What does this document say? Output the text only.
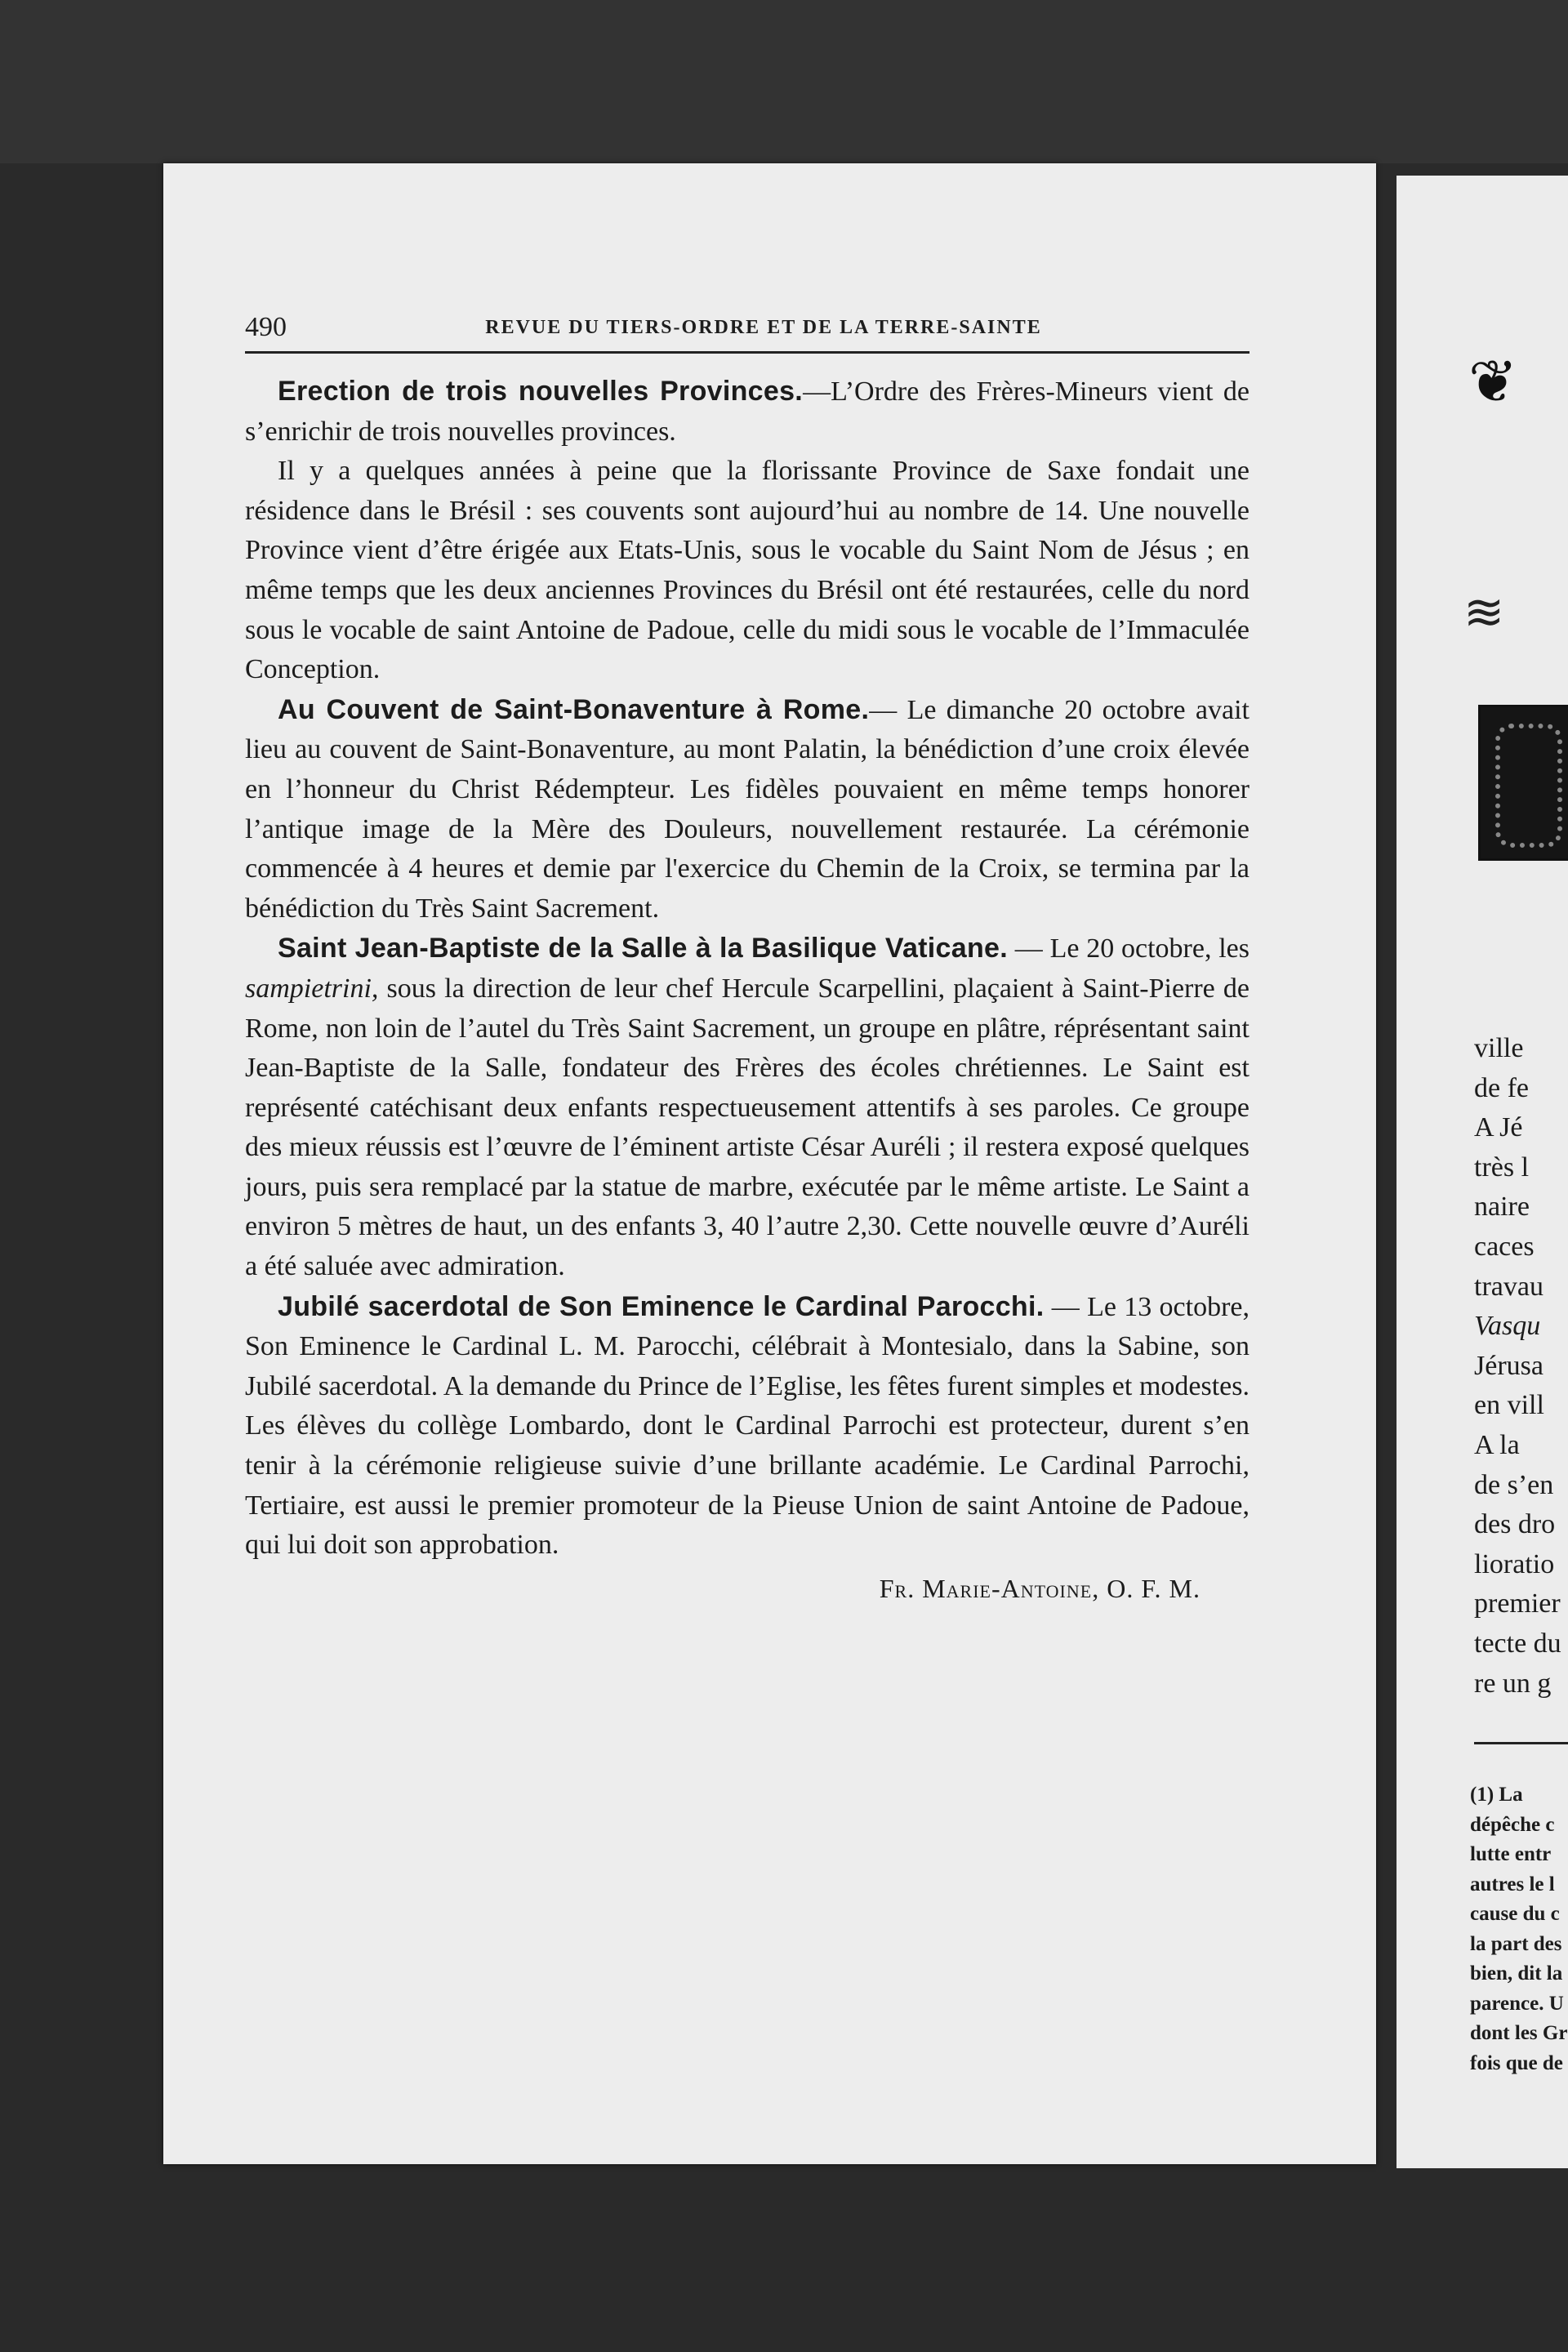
490	REVUE DU TIERS-ORDRE ET DE LA TERRE-SAINTE

Erection de trois nouvelles Provinces.—L’Ordre des Frères-Mineurs vient de s’enrichir de trois nouvelles provinces.

Il y a quelques années à peine que la florissante Province de Saxe fondait une résidence dans le Brésil : ses couvents sont aujourd’hui au nombre de 14. Une nouvelle Province vient d’être érigée aux Etats-Unis, sous le vocable du Saint Nom de Jésus ; en même temps que les deux anciennes Provinces du Brésil ont été restaurées, celle du nord sous le vocable de saint Antoine de Padoue, celle du midi sous le vocable de l’Immaculée Conception.

Au Couvent de Saint-Bonaventure à Rome.— Le dimanche 20 octobre avait lieu au couvent de Saint-Bonaventure, au mont Palatin, la bénédiction d’une croix élevée en l’honneur du Christ Rédempteur. Les fidèles pouvaient en même temps honorer l’antique image de la Mère des Douleurs, nouvellement restaurée. La cérémonie commencée à 4 heures et demie par l'exercice du Chemin de la Croix, se termina par la bénédiction du Très Saint Sacrement.

Saint Jean-Baptiste de la Salle à la Basilique Vaticane. — Le 20 octobre, les sampietrini, sous la direction de leur chef Hercule Scarpellini, plaçaient à Saint-Pierre de Rome, non loin de l’autel du Très Saint Sacrement, un groupe en plâtre, réprésentant saint Jean-Baptiste de la Salle, fondateur des Frères des écoles chrétiennes. Le Saint est représenté catéchisant deux enfants respectueusement attentifs à ses paroles. Ce groupe des mieux réussis est l’œuvre de l’éminent artiste César Auréli ; il restera exposé quelques jours, puis sera remplacé par la statue de marbre, exécutée par le même artiste. Le Saint a environ 5 mètres de haut, un des enfants 3, 40 l’autre 2,30. Cette nouvelle œuvre d’Auréli a été saluée avec admiration.

Jubilé sacerdotal de Son Eminence le Cardinal Parocchi. — Le 13 octobre, Son Eminence le Cardinal L. M. Parocchi, célébrait à Montesialo, dans la Sabine, son Jubilé sacerdotal. A la demande du Prince de l’Eglise, les fêtes furent simples et modestes. Les élèves du collège Lombardo, dont le Cardinal Parrochi est protecteur, durent s’en tenir à la cérémonie religieuse suivie d’une brillante académie. Le Cardinal Parrochi, Tertiaire, est aussi le premier promoteur de la Pieuse Union de saint Antoine de Padoue, qui lui doit son approbation.

Fr. Marie-Antoine, O. F. M.
❦
≋
ville
de fe
A Jé
très l
naire
caces
travau
Vasqu
Jérusa
en vill
A la
de s’en
des dro
lioratio
premier
tecte du
re un g
(1) La
dépêche c
lutte entr
autres le l
cause du c
la part des
bien, dit la
parence. U
dont les Gr
fois que de
